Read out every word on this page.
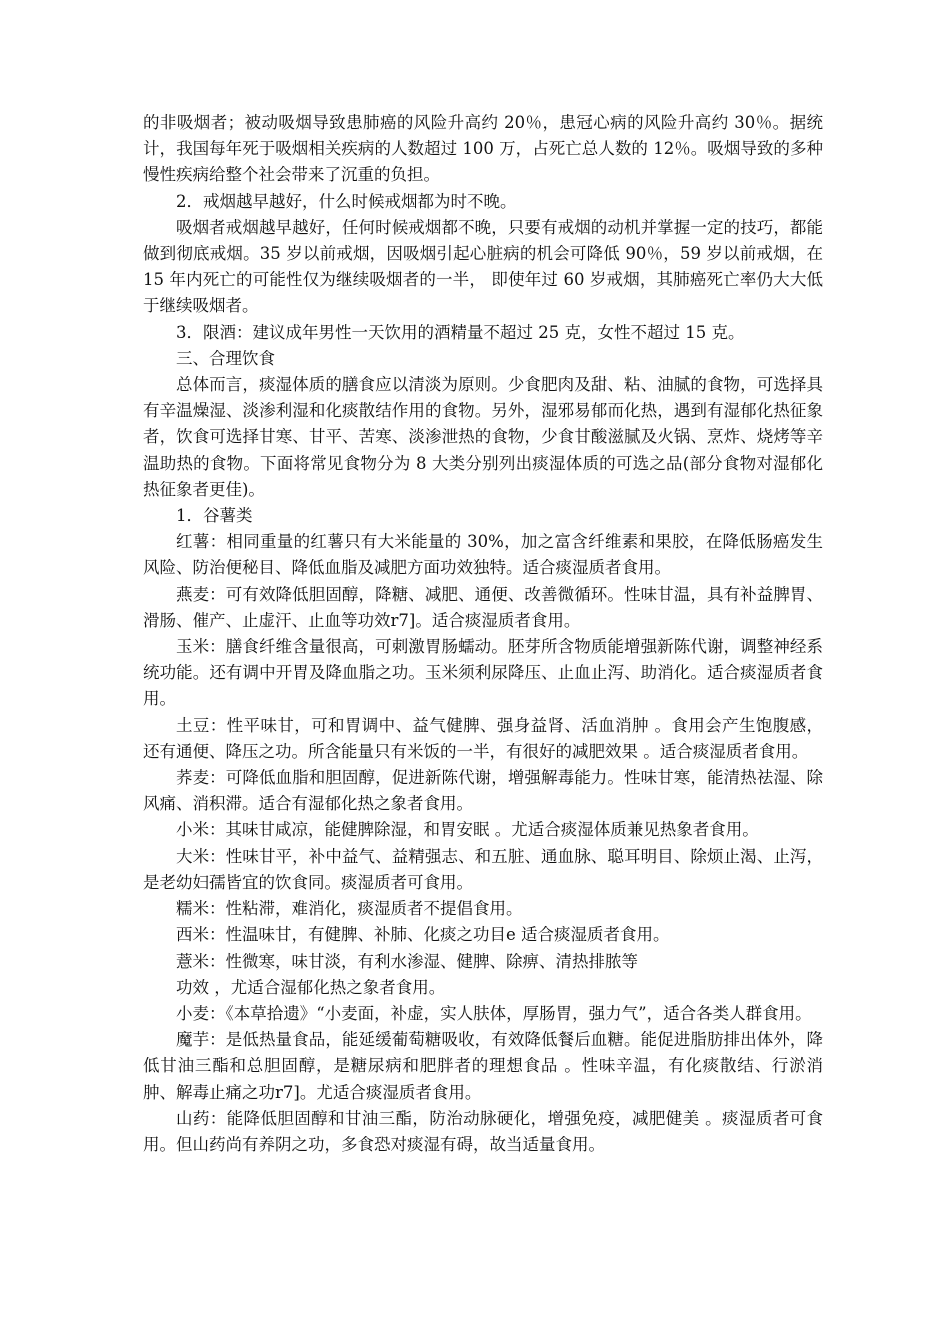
的非吸烟者；被动吸烟导致患肺癌的风险升高约 20％，患冠心病的风险升高约 30％。据统计，我国每年死于吸烟相关疾病的人数超过 100 万，占死亡总人数的 12％。吸烟导致的多种慢性疾病给整个社会带来了沉重的负担。

2．戒烟越早越好，什么时候戒烟都为时不晚。

吸烟者戒烟越早越好，任何时候戒烟都不晚，只要有戒烟的动机并掌握一定的技巧，都能做到彻底戒烟。35 岁以前戒烟，因吸烟引起心脏病的机会可降低 90％，59 岁以前戒烟，在 15 年内死亡的可能性仅为继续吸烟者的一半， 即使年过 60 岁戒烟，其肺癌死亡率仍大大低于继续吸烟者。

3．限酒：建议成年男性一天饮用的酒精量不超过 25 克，女性不超过 15 克。

三、合理饮食

总体而言，痰湿体质的膳食应以清淡为原则。少食肥肉及甜、粘、油腻的食物，可选择具有辛温燥湿、淡渗利湿和化痰散结作用的食物。另外，湿邪易郁而化热，遇到有湿郁化热征象者，饮食可选择甘寒、甘平、苦寒、淡渗泄热的食物，少食甘酸滋腻及火锅、烹炸、烧烤等辛温助热的食物。下面将常见食物分为 8 大类分别列出痰湿体质的可选之品(部分食物对湿郁化热征象者更佳)。

1．谷薯类

红薯：相同重量的红薯只有大米能量的 30%，加之富含纤维素和果胶，在降低肠癌发生风险、防治便秘目、降低血脂及减肥方面功效独特。适合痰湿质者食用。

燕麦：可有效降低胆固醇，降糖、减肥、通便、改善微循环。性味甘温，具有补益脾胃、滑肠、催产、止虚汗、止血等功效r7]。适合痰湿质者食用。

玉米：膳食纤维含量很高，可刺激胃肠蠕动。胚芽所含物质能增强新陈代谢，调整神经系统功能。还有调中开胃及降血脂之功。玉米须利尿降压、止血止泻、助消化。适合痰湿质者食用。

土豆：性平味甘，可和胃调中、益气健脾、强身益肾、活血消肿 。食用会产生饱腹感，还有通便、降压之功。所含能量只有米饭的一半，有很好的减肥效果 。适合痰湿质者食用。

荞麦：可降低血脂和胆固醇，促进新陈代谢，增强解毒能力。性味甘寒，能清热祛湿、除风痛、消积滞。适合有湿郁化热之象者食用。

小米：其味甘咸凉，能健脾除湿，和胃安眠 。尤适合痰湿体质兼见热象者食用。

大米：性味甘平，补中益气、益精强志、和五脏、通血脉、聪耳明目、除烦止渴、止泻，是老幼妇孺皆宜的饮食同。痰湿质者可食用。

糯米：性粘滞，难消化，痰湿质者不提倡食用。

西米：性温味甘，有健脾、补肺、化痰之功目e 适合痰湿质者食用。

薏米：性微寒，味甘淡，有利水渗湿、健脾、除痹、清热排脓等

功效 ，尤适合湿郁化热之象者食用。

小麦：《本草拾遗》“小麦面，补虚，实人肤体，厚肠胃，强力气”，适合各类人群食用。

魔芋：是低热量食品，能延缓葡萄糖吸收，有效降低餐后血糖。能促进脂肪排出体外，降低甘油三酯和总胆固醇，是糖尿病和肥胖者的理想食品 。性味辛温，有化痰散结、行淤消肿、解毒止痛之功r7]。尤适合痰湿质者食用。

山药：能降低胆固醇和甘油三酯，防治动脉硬化，增强免疫，减肥健美 。痰湿质者可食用。但山药尚有养阴之功，多食恐对痰湿有碍，故当适量食用。
